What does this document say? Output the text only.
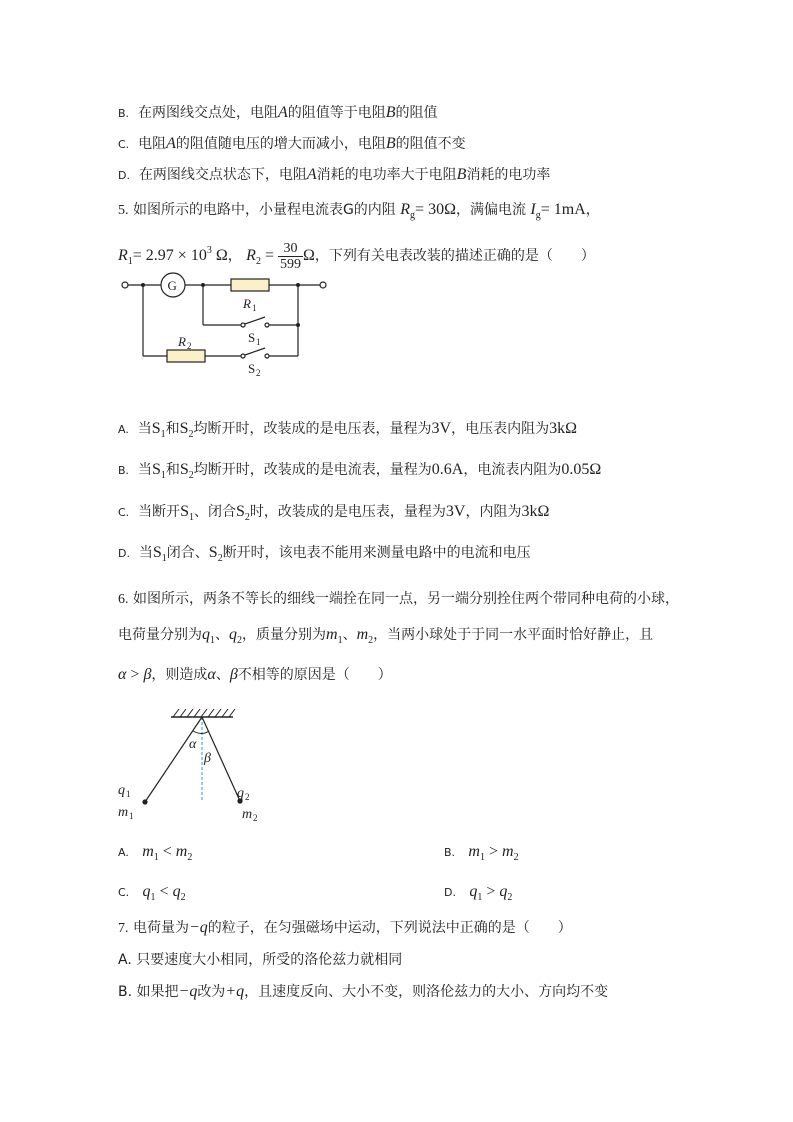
B. 在两图线交点处，电阻A的阻值等于电阻B的阻值
C. 电阻A的阻值随电压的增大而减小，电阻B的阻值不变
D. 在两图线交点状态下，电阻A消耗的电功率大于电阻B消耗的电功率
5. 如图所示的电路中，小量程电流表G的内阻 $R_g= 30\Omega$，满偏电流 $I_g= 1mA$，
$R_1= 2.97 \times 10^3$ Ω， $R_2 = \frac{30}{599}$ Ω，下列有关电表改装的描述正确的是（　　）
G
R 1
S 1
R 2
S 2
A. 当$S_1$和$S_2$均断开时，改装成的是电压表，量程为3V，电压表内阻为3kΩ
B. 当$S_1$和$S_2$均断开时，改装成的是电流表，量程为0.6A，电流表内阻为0.05Ω
C. 当断开$S_1$、闭合$S_2$时，改装成的是电压表，量程为3V，内阻为3kΩ
D. 当$S_1$闭合、$S_2$断开时，该电表不能用来测量电路中的电流和电压
6. 如图所示，两条不等长的细线一端拴在同一点，另一端分别拴住两个带同种电荷的小球，
电荷量分别为$q_1$、$q_2$，质量分别为$m_1$、$m_2$，当两小球处于于同一水平面时恰好静止，且
α > β，则造成α、β不相等的原因是（　　）
α
β
q 1
m 1
q 2
m 2
A. $m_1 < m_2$	B. $m_1 > m_2$
C. $q_1 < q_2$	D. $q_1 > q_2$
7. 电荷量为−q的粒子，在匀强磁场中运动，下列说法中正确的是（　　）
A. 只要速度大小相同，所受的洛伦兹力就相同
B. 如果把−q改为+q，且速度反向、大小不变，则洛伦兹力的大小、方向均不变
